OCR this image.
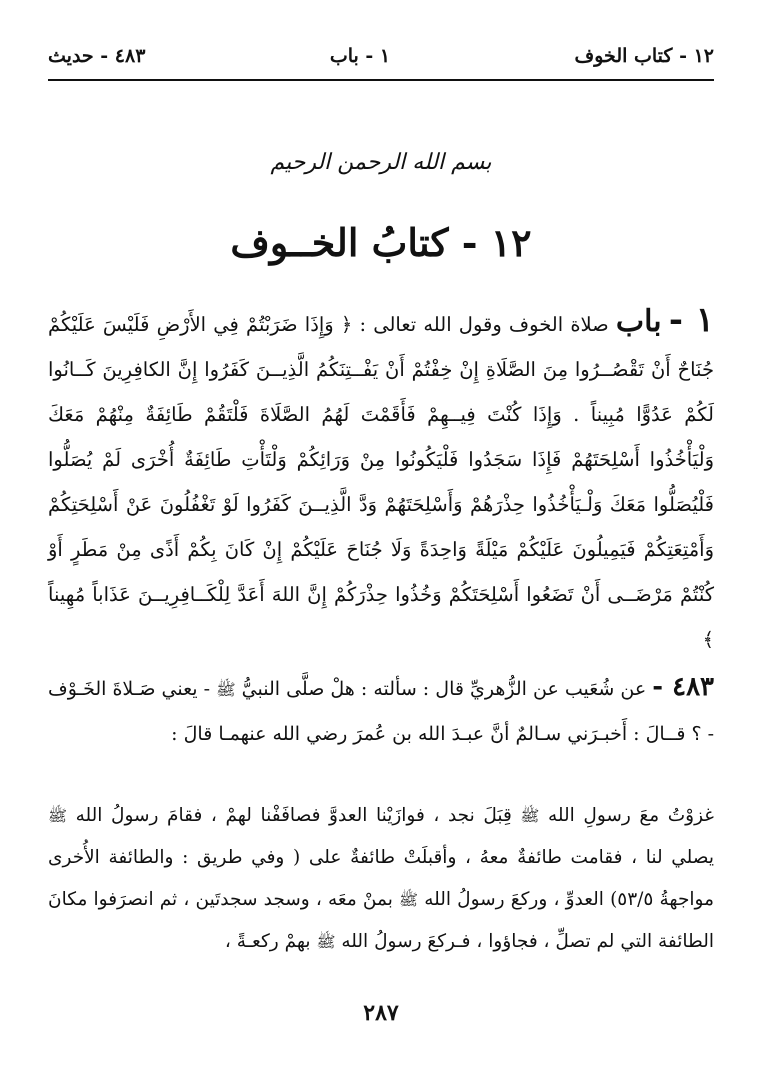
١٢ - كتاب الخوف
١ - باب
٤٨٣ - حديث
بسم الله الرحمن الرحيم
١٢ - كتابُ الخــوف
١ - باب صلاة الخوف وقول الله تعالى : ﴿ وَإِذَا ضَرَبْتُمْ فِي الأَرْضِ فَلَيْسَ عَلَيْكُمْ جُنَاحٌ أَنْ تَقْصُــرُوا مِنَ الصَّلَاةِ إِنْ خِفْتُمْ أَنْ يَفْــتِنَكُمُ الَّذِيــنَ كَفَرُوا إِنَّ الكافِرِينَ كَــانُوا لَكُمْ عَدُوًّا مُبِيناً . وَإِذَا كُنْتَ فِيــهِمْ فَأَقَمْتَ لَهُمُ الصَّلَاةَ فَلْتَقُمْ طَائِفَةٌ مِنْهُمْ مَعَكَ وَلْيَأْخُذُوا أَسْلِحَتَهُمْ فَإِذَا سَجَدُوا فَلْيَكُونُوا مِنْ وَرَائِكُمْ وَلْتَأْتِ طَائِفَةٌ أُخْرَى لَمْ يُصَلُّوا فَلْيُصَلُّوا مَعَكَ وَلْـيَأْخُذُوا حِذْرَهُمْ وَأَسْلِحَتَهُمْ وَدَّ الَّذِيــنَ كَفَرُوا لَوْ تَغْفُلُونَ عَنْ أَسْلِحَتِكُمْ وَأَمْتِعَتِكُمْ فَيَمِيلُونَ عَلَيْكُمْ مَيْلَةً وَاحِدَةً وَلَا جُنَاحَ عَلَيْكُمْ إِنْ كَانَ بِكُمْ أَذًى مِنْ مَطَرٍ أَوْ كُنْتُمْ مَرْضَــى أَنْ تَضَعُوا أَسْلِحَتَكُمْ وَخُذُوا حِذْرَكُمْ إِنَّ اللهَ أَعَدَّ لِلْكَــافِرِيــنَ عَذَاباً مُهِيناً ﴾
٤٨٣ - عن شُعَيب عن الزُّهريِّ قال : سألته : هلْ صلَّى النبيُّ ﷺ - يعني صَـلاةَ الخَـوْف - ؟ قــالَ : أَخبـرَني سـالمٌ أنَّ عبـدَ الله بن عُمرَ رضي الله عنهمـا قالَ :
غزوْتُ معَ رسولِ الله ﷺ قِبَلَ نجد ، فوازَيْنا العدوَّ فصافَفْنا لهمْ ، فقامَ رسولُ الله ﷺ يصلي لنا ، فقامت طائفةٌ معهُ ، وأقبلَتْ طائفةٌ على ( وفي طريق : والطائفة الأُخرى مواجهةُ ٥٣/٥) العدوِّ ، وركعَ رسولُ الله ﷺ بمنْ معَه ، وسجد سجدتَين ، ثم انصرَفوا مكانَ الطائفة التي لم تصلِّ ، فجاؤوا ، فـركعَ رسولُ الله ﷺ بهمْ ركعـةً ،
٢٨٧
